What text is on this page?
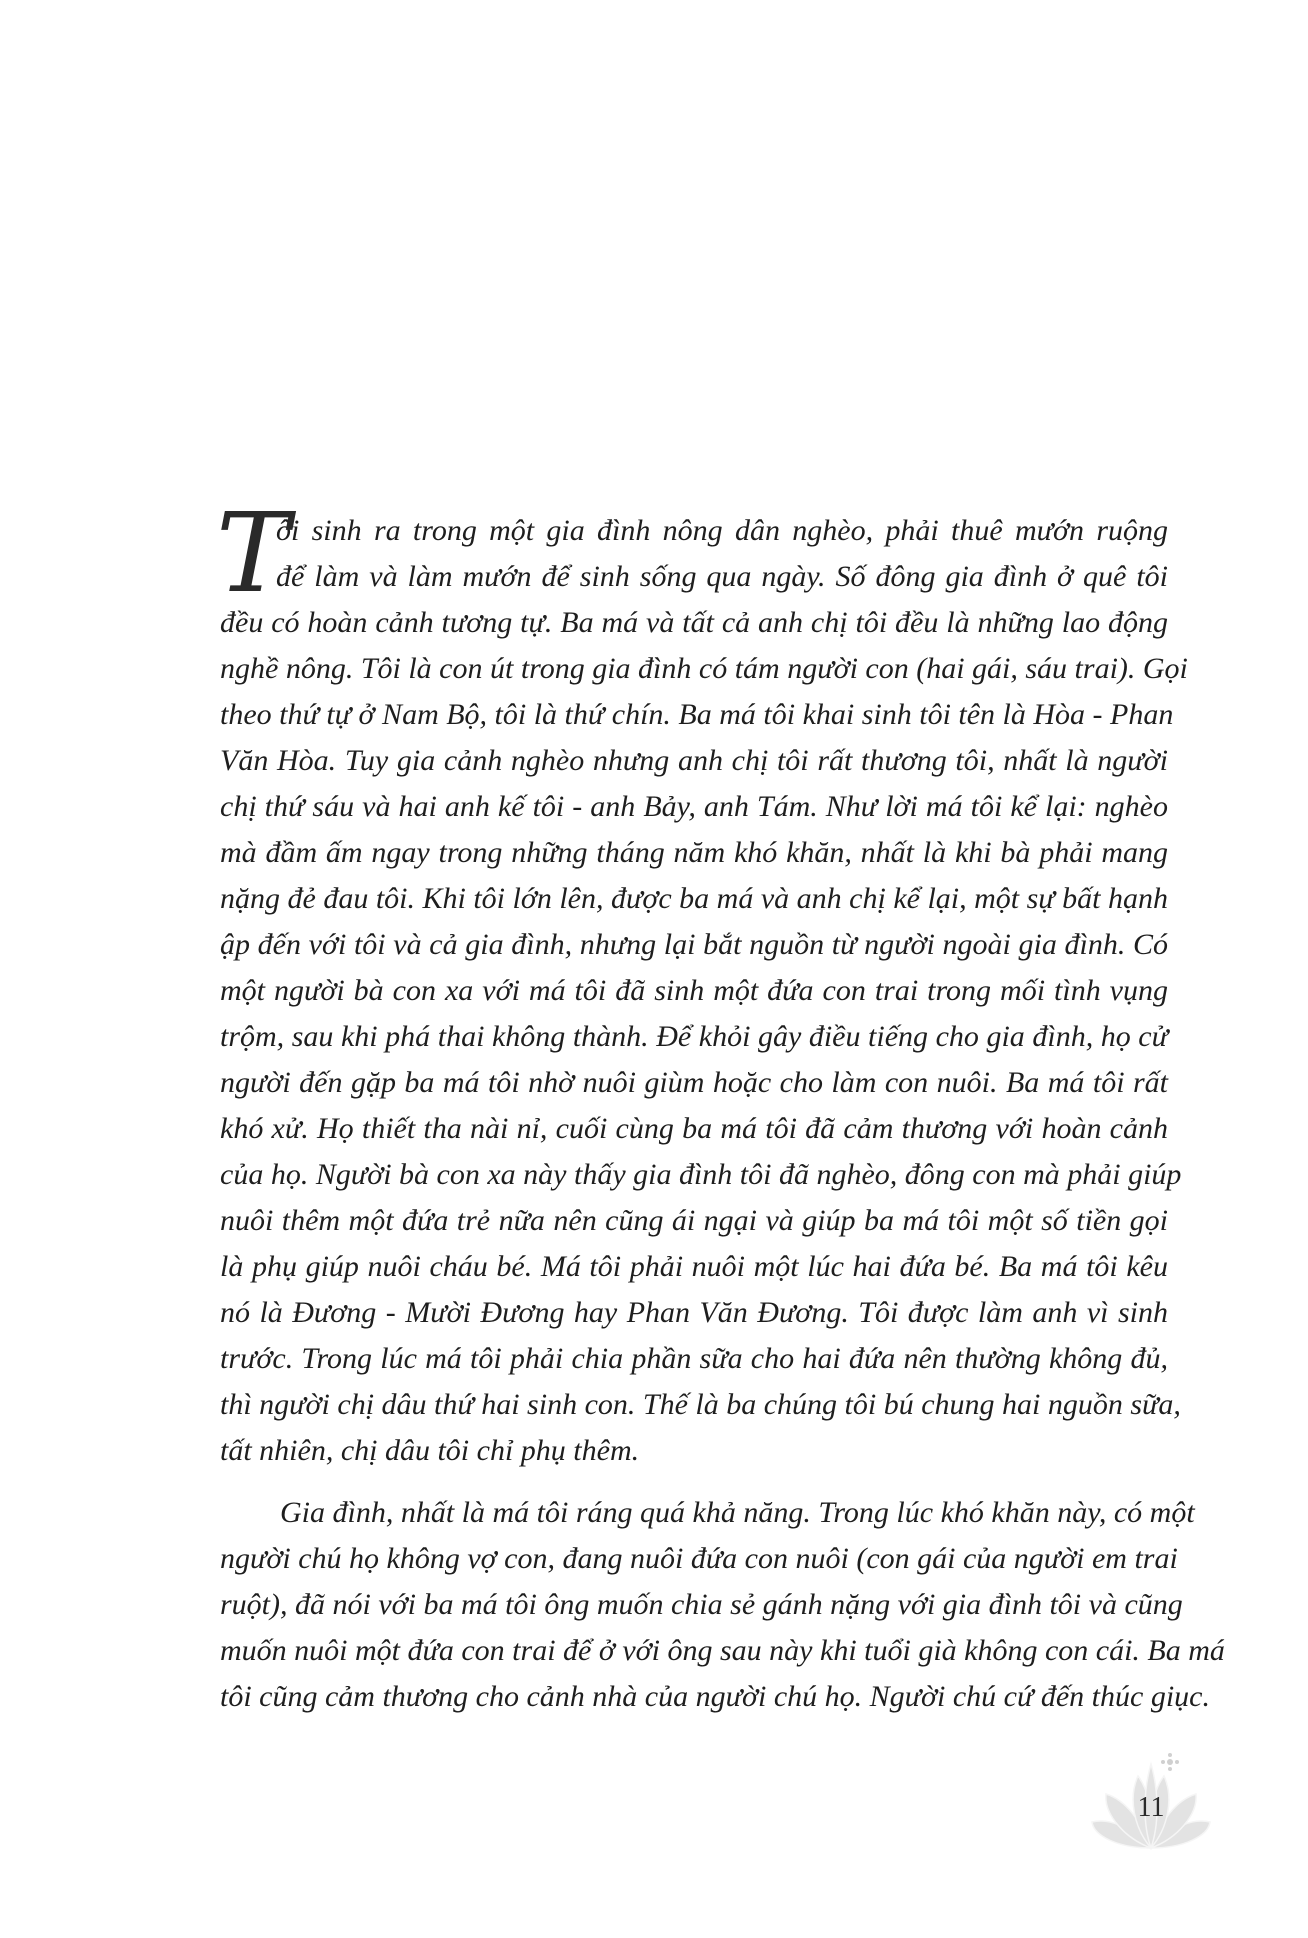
T
ôi sinh ra trong một gia đình nông dân nghèo, phải thuê mướn ruộng
để làm và làm mướn để sinh sống qua ngày. Số đông gia đình ở quê tôi
đều có hoàn cảnh tương tự. Ba má và tất cả anh chị tôi đều là những lao động
nghề nông. Tôi là con út trong gia đình có tám người con (hai gái, sáu trai). Gọi
theo thứ tự ở Nam Bộ, tôi là thứ chín. Ba má tôi khai sinh tôi tên là Hòa - Phan
Văn Hòa. Tuy gia cảnh nghèo nhưng anh chị tôi rất thương tôi, nhất là người
chị thứ sáu và hai anh kế tôi - anh Bảy, anh Tám. Như lời má tôi kể lại: nghèo
mà đầm ấm ngay trong những tháng năm khó khăn, nhất là khi bà phải mang
nặng đẻ đau tôi. Khi tôi lớn lên, được ba má và anh chị kể lại, một sự bất hạnh
ập đến với tôi và cả gia đình, nhưng lại bắt nguồn từ người ngoài gia đình. Có
một người bà con xa với má tôi đã sinh một đứa con trai trong mối tình vụng
trộm, sau khi phá thai không thành. Để khỏi gây điều tiếng cho gia đình, họ cử
người đến gặp ba má tôi nhờ nuôi giùm hoặc cho làm con nuôi. Ba má tôi rất
khó xử. Họ thiết tha nài nỉ, cuối cùng ba má tôi đã cảm thương với hoàn cảnh
của họ. Người bà con xa này thấy gia đình tôi đã nghèo, đông con mà phải giúp
nuôi thêm một đứa trẻ nữa nên cũng ái ngại và giúp ba má tôi một số tiền gọi
là phụ giúp nuôi cháu bé. Má tôi phải nuôi một lúc hai đứa bé. Ba má tôi kêu
nó là Đương - Mười Đương hay Phan Văn Đương. Tôi được làm anh vì sinh
trước. Trong lúc má tôi phải chia phần sữa cho hai đứa nên thường không đủ,
thì người chị dâu thứ hai sinh con. Thế là ba chúng tôi bú chung hai nguồn sữa,
tất nhiên, chị dâu tôi chỉ phụ thêm.
Gia đình, nhất là má tôi ráng quá khả năng. Trong lúc khó khăn này, có một
người chú họ không vợ con, đang nuôi đứa con nuôi (con gái của người em trai
ruột), đã nói với ba má tôi ông muốn chia sẻ gánh nặng với gia đình tôi và cũng
muốn nuôi một đứa con trai để ở với ông sau này khi tuổi già không con cái. Ba má
tôi cũng cảm thương cho cảnh nhà của người chú họ. Người chú cứ đến thúc giục.
11
